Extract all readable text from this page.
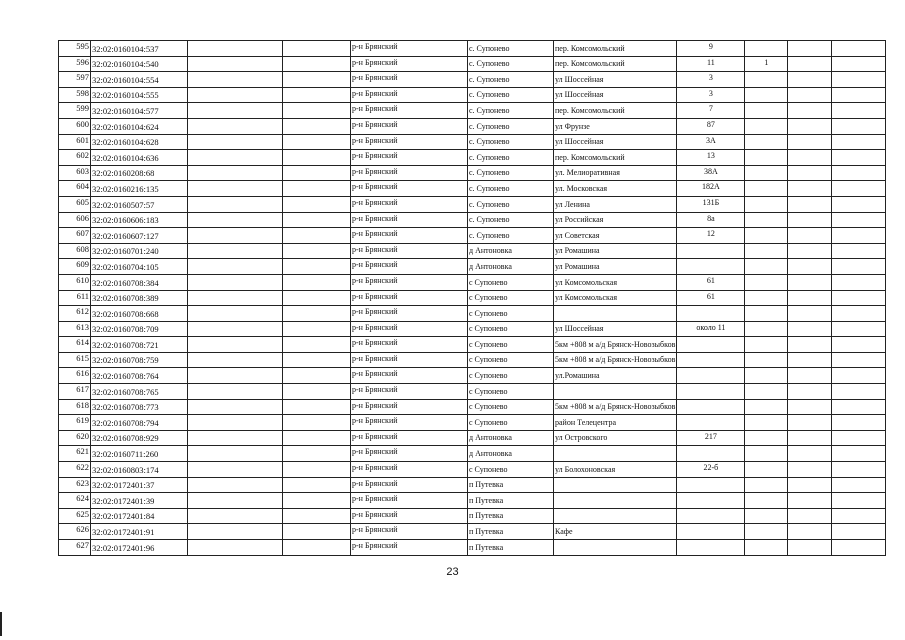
595	32:02:0160104:537			р-н Брянский	с. Супонево	пер. Комсомольский	9			
596	32:02:0160104:540			р-н Брянский	с. Супонево	пер. Комсомольский	11	1		
597	32:02:0160104:554			р-н Брянский	с. Супонево	ул Шоссейная	3			
598	32:02:0160104:555			р-н Брянский	с. Супонево	ул Шоссейная	3			
599	32:02:0160104:577			р-н Брянский	с. Супонево	пер. Комсомольский	7			
600	32:02:0160104:624			р-н Брянский	с. Супонево	ул Фрунзе	87			
601	32:02:0160104:628			р-н Брянский	с. Супонево	ул Шоссейная	3А			
602	32:02:0160104:636			р-н Брянский	с. Супонево	пер. Комсомольский	13			
603	32:02:0160208:68			р-н Брянский	с. Супонево	ул. Мелиоративная	38А			
604	32:02:0160216:135			р-н Брянский	с. Супонево	ул. Московская	182А			
605	32:02:0160507:57			р-н Брянский	с. Супонево	ул Ленина	131Б			
606	32:02:0160606:183			р-н Брянский	с. Супонево	ул Российская	8а			
607	32:02:0160607:127			р-н Брянский	с. Супонево	ул Советская	12			
608	32:02:0160701:240			р-н Брянский	д Антоновка	ул Ромашина				
609	32:02:0160704:105			р-н Брянский	д Антоновка	ул Ромашина				
610	32:02:0160708:384			р-н Брянский	с Супонево	ул Комсомольская	61			
611	32:02:0160708:389			р-н Брянский	с Супонево	ул Комсомольская	61			
612	32:02:0160708:668			р-н Брянский	с Супонево					
613	32:02:0160708:709			р-н Брянский	с Супонево	ул Шоссейная	около 11			
614	32:02:0160708:721			р-н Брянский	с Супонево	5км +808 м а/д Брянск-Новозыбков				
615	32:02:0160708:759			р-н Брянский	с Супонево	5км +808 м а/д Брянск-Новозыбков				
616	32:02:0160708:764			р-н Брянский	с Супонево	ул.Ромашина				
617	32:02:0160708:765			р-н Брянский	с Супонево					
618	32:02:0160708:773			р-н Брянский	с Супонево	5км +808 м а/д Брянск-Новозыбков				
619	32:02:0160708:794			р-н Брянский	с Супонево	район Телецентра				
620	32:02:0160708:929			р-н Брянский	д Антоновка	ул Островского	217			
621	32:02:0160711:260			р-н Брянский	д Антоновка					
622	32:02:0160803:174			р-н Брянский	с Супонево	ул Болохоновская	22-б			
623	32:02:0172401:37			р-н Брянский	п Путевка					
624	32:02:0172401:39			р-н Брянский	п Путевка					
625	32:02:0172401:84			р-н Брянский	п Путевка					
626	32:02:0172401:91			р-н Брянский	п Путевка	Кафе				
627	32:02:0172401:96			р-н Брянский	п Путевка					
23
